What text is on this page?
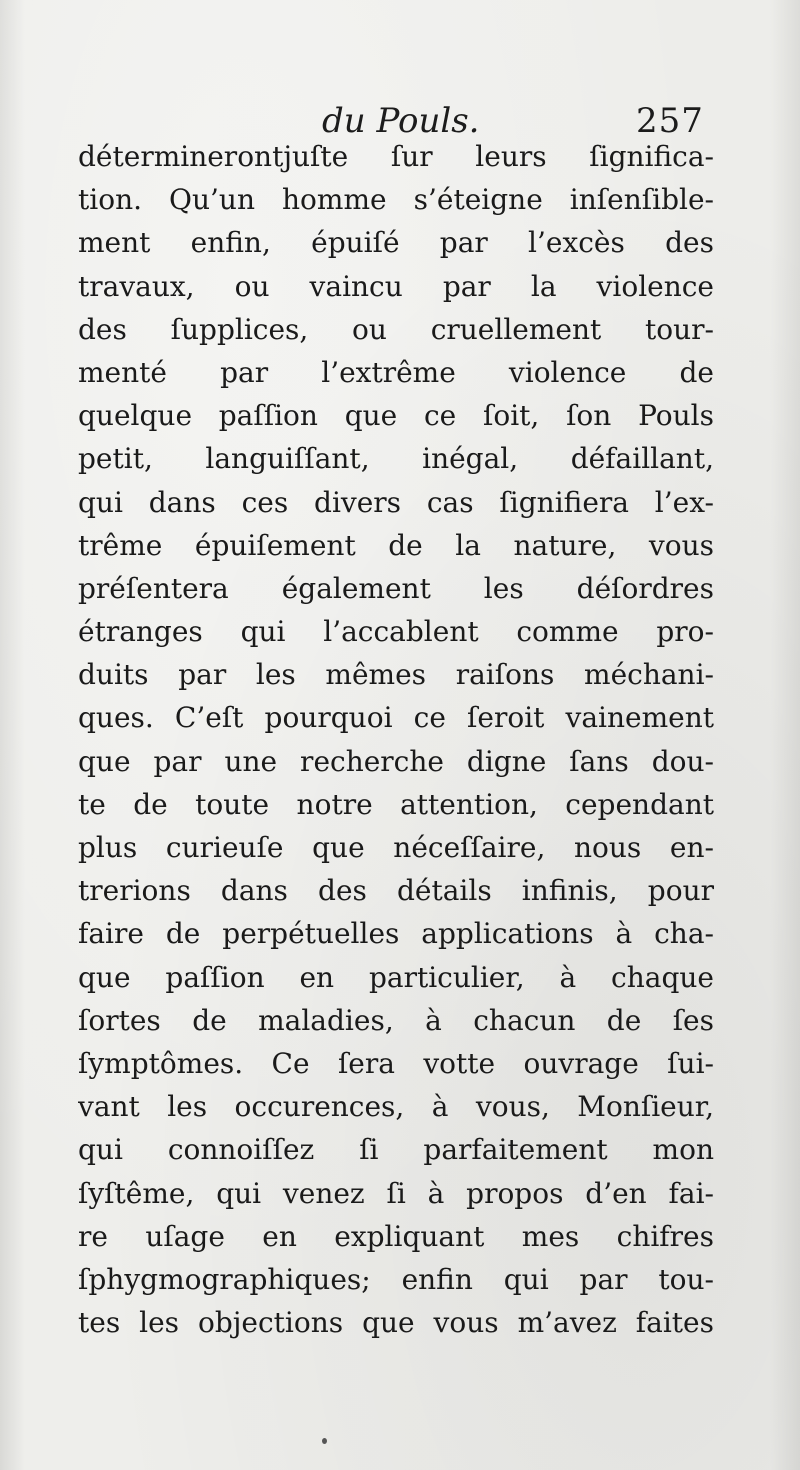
du Pouls.	257
déterminerontjuſte ſur leurs ſignifica-
tion. Qu’un homme s’éteigne inſenſible-
ment enfin, épuiſé par l’excès des
travaux, ou vaincu par la violence
des ſupplices, ou cruellement tour-
menté par l’extrême violence de
quelque paſſion que ce ſoit, ſon Pouls
petit, languiſſant, inégal, défaillant,
qui dans ces divers cas ſignifiera l’ex-
trême épuiſement de la nature, vous
préſentera également les déſordres
étranges qui l’accablent comme pro-
duits par les mêmes raiſons méchani-
ques. C’eſt pourquoi ce ſeroit vainement
que par une recherche digne ſans dou-
te de toute notre attention, cependant
plus curieuſe que néceſſaire, nous en-
trerions dans des détails infinis, pour
faire de perpétuelles applications à cha-
que paſſion en particulier, à chaque
ſortes de maladies, à chacun de ſes
ſymptômes. Ce ſera votte ouvrage ſui-
vant les occurences, à vous, Monſieur,
qui connoiſſez ſi parfaitement mon
ſyſtême, qui venez ſi à propos d’en fai-
re uſage en expliquant mes chifres
ſphygmographiques; enfin qui par tou-
tes les objections que vous m’avez faites
